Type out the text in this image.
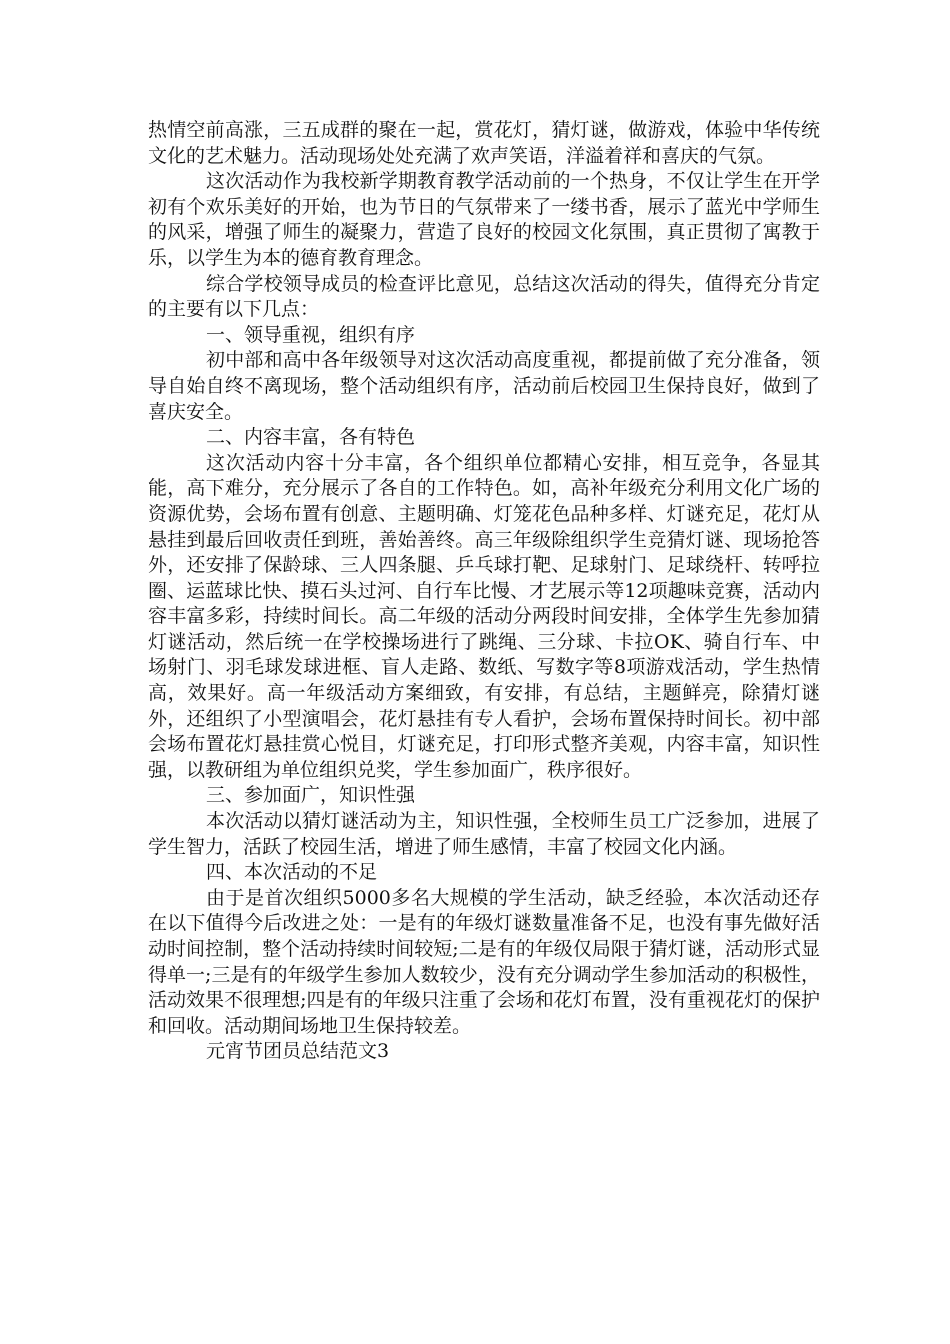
热情空前高涨，三五成群的聚在一起，赏花灯，猜灯谜，做游戏，体验中华传统文化的艺术魅力。活动现场处处充满了欢声笑语，洋溢着祥和喜庆的气氛。

这次活动作为我校新学期教育教学活动前的一个热身，不仅让学生在开学初有个欢乐美好的开始，也为节日的气氛带来了一缕书香，展示了蓝光中学师生的风采，增强了师生的凝聚力，营造了良好的校园文化氛围，真正贯彻了寓教于乐，以学生为本的德育教育理念。

综合学校领导成员的检查评比意见，总结这次活动的得失，值得充分肯定的主要有以下几点：

一、领导重视，组织有序

初中部和高中各年级领导对这次活动高度重视，都提前做了充分准备，领导自始自终不离现场，整个活动组织有序，活动前后校园卫生保持良好，做到了喜庆安全。

二、内容丰富，各有特色

这次活动内容十分丰富，各个组织单位都精心安排，相互竞争，各显其能，高下难分，充分展示了各自的工作特色。如，高补年级充分利用文化广场的资源优势，会场布置有创意、主题明确、灯笼花色品种多样、灯谜充足，花灯从悬挂到最后回收责任到班，善始善终。高三年级除组织学生竞猜灯谜、现场抢答外，还安排了保龄球、三人四条腿、乒乓球打靶、足球射门、足球绕杆、转呼拉圈、运蓝球比快、摸石头过河、自行车比慢、才艺展示等12项趣味竞赛，活动内容丰富多彩，持续时间长。高二年级的活动分两段时间安排，全体学生先参加猜灯谜活动，然后统一在学校操场进行了跳绳、三分球、卡拉OK、骑自行车、中场射门、羽毛球发球进框、盲人走路、数纸、写数字等8项游戏活动，学生热情高，效果好。高一年级活动方案细致，有安排，有总结，主题鲜亮，除猜灯谜外，还组织了小型演唱会，花灯悬挂有专人看护，会场布置保持时间长。初中部会场布置花灯悬挂赏心悦目，灯谜充足，打印形式整齐美观，内容丰富，知识性强，以教研组为单位组织兑奖，学生参加面广，秩序很好。

三、参加面广，知识性强

本次活动以猜灯谜活动为主，知识性强，全校师生员工广泛参加，进展了学生智力，活跃了校园生活，增进了师生感情，丰富了校园文化内涵。

四、本次活动的不足

由于是首次组织5000多名大规模的学生活动，缺乏经验，本次活动还存在以下值得今后改进之处：一是有的年级灯谜数量准备不足，也没有事先做好活动时间控制，整个活动持续时间较短;二是有的年级仅局限于猜灯谜，活动形式显得单一;三是有的年级学生参加人数较少，没有充分调动学生参加活动的积极性，活动效果不很理想;四是有的年级只注重了会场和花灯布置，没有重视花灯的保护和回收。活动期间场地卫生保持较差。

元宵节团员总结范文3
